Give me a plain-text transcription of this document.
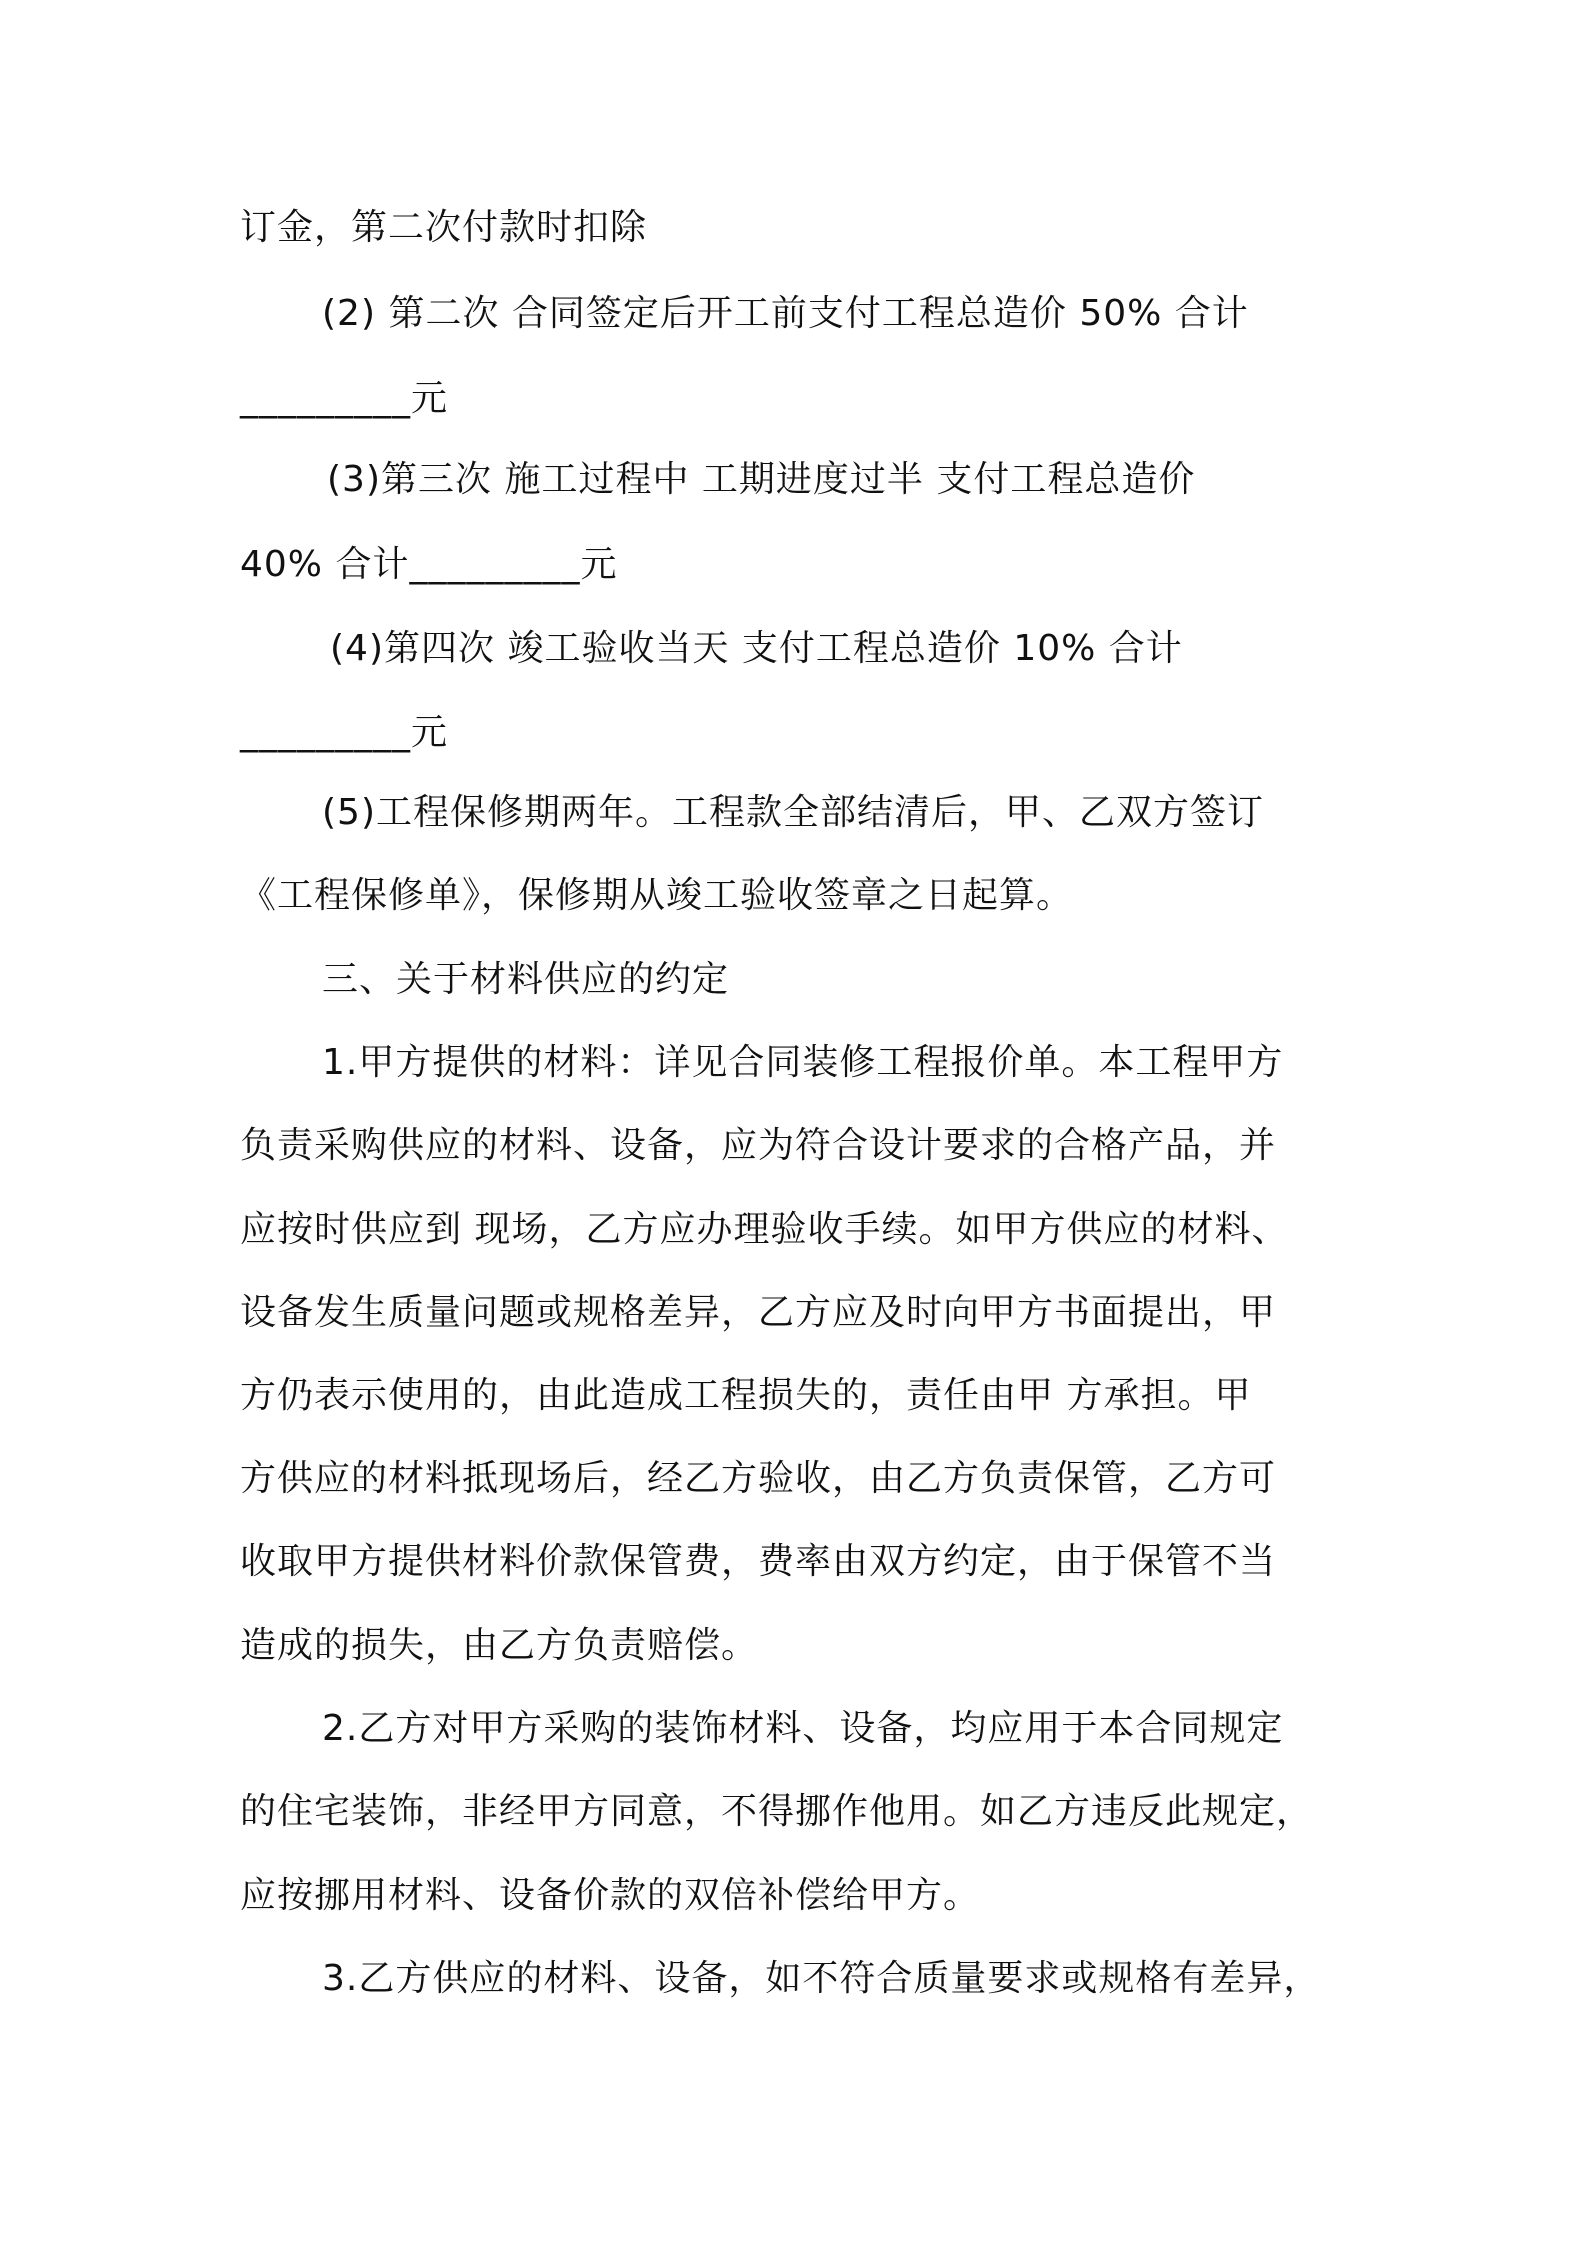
订金，第二次付款时扣除
(2) 第二次 合同签定后开工前支付工程总造价 50% 合计
_________元
(3)第三次 施工过程中 工期进度过半 支付工程总造价
40% 合计_________元
(4)第四次 竣工验收当天 支付工程总造价 10% 合计
_________元
(5)工程保修期两年。工程款全部结清后，甲、乙双方签订
《工程保修单》，保修期从竣工验收签章之日起算。
三、关于材料供应的约定
1.甲方提供的材料：详见合同装修工程报价单。本工程甲方
负责采购供应的材料、设备，应为符合设计要求的合格产品，并
应按时供应到 现场，乙方应办理验收手续。如甲方供应的材料、
设备发生质量问题或规格差异，乙方应及时向甲方书面提出，甲
方仍表示使用的，由此造成工程损失的，责任由甲 方承担。甲
方供应的材料抵现场后，经乙方验收，由乙方负责保管，乙方可
收取甲方提供材料价款保管费，费率由双方约定，由于保管不当
造成的损失，由乙方负责赔偿。
2.乙方对甲方采购的装饰材料、设备，均应用于本合同规定
的住宅装饰，非经甲方同意，不得挪作他用。如乙方违反此规定，
应按挪用材料、设备价款的双倍补偿给甲方。
3.乙方供应的材料、设备，如不符合质量要求或规格有差异，
